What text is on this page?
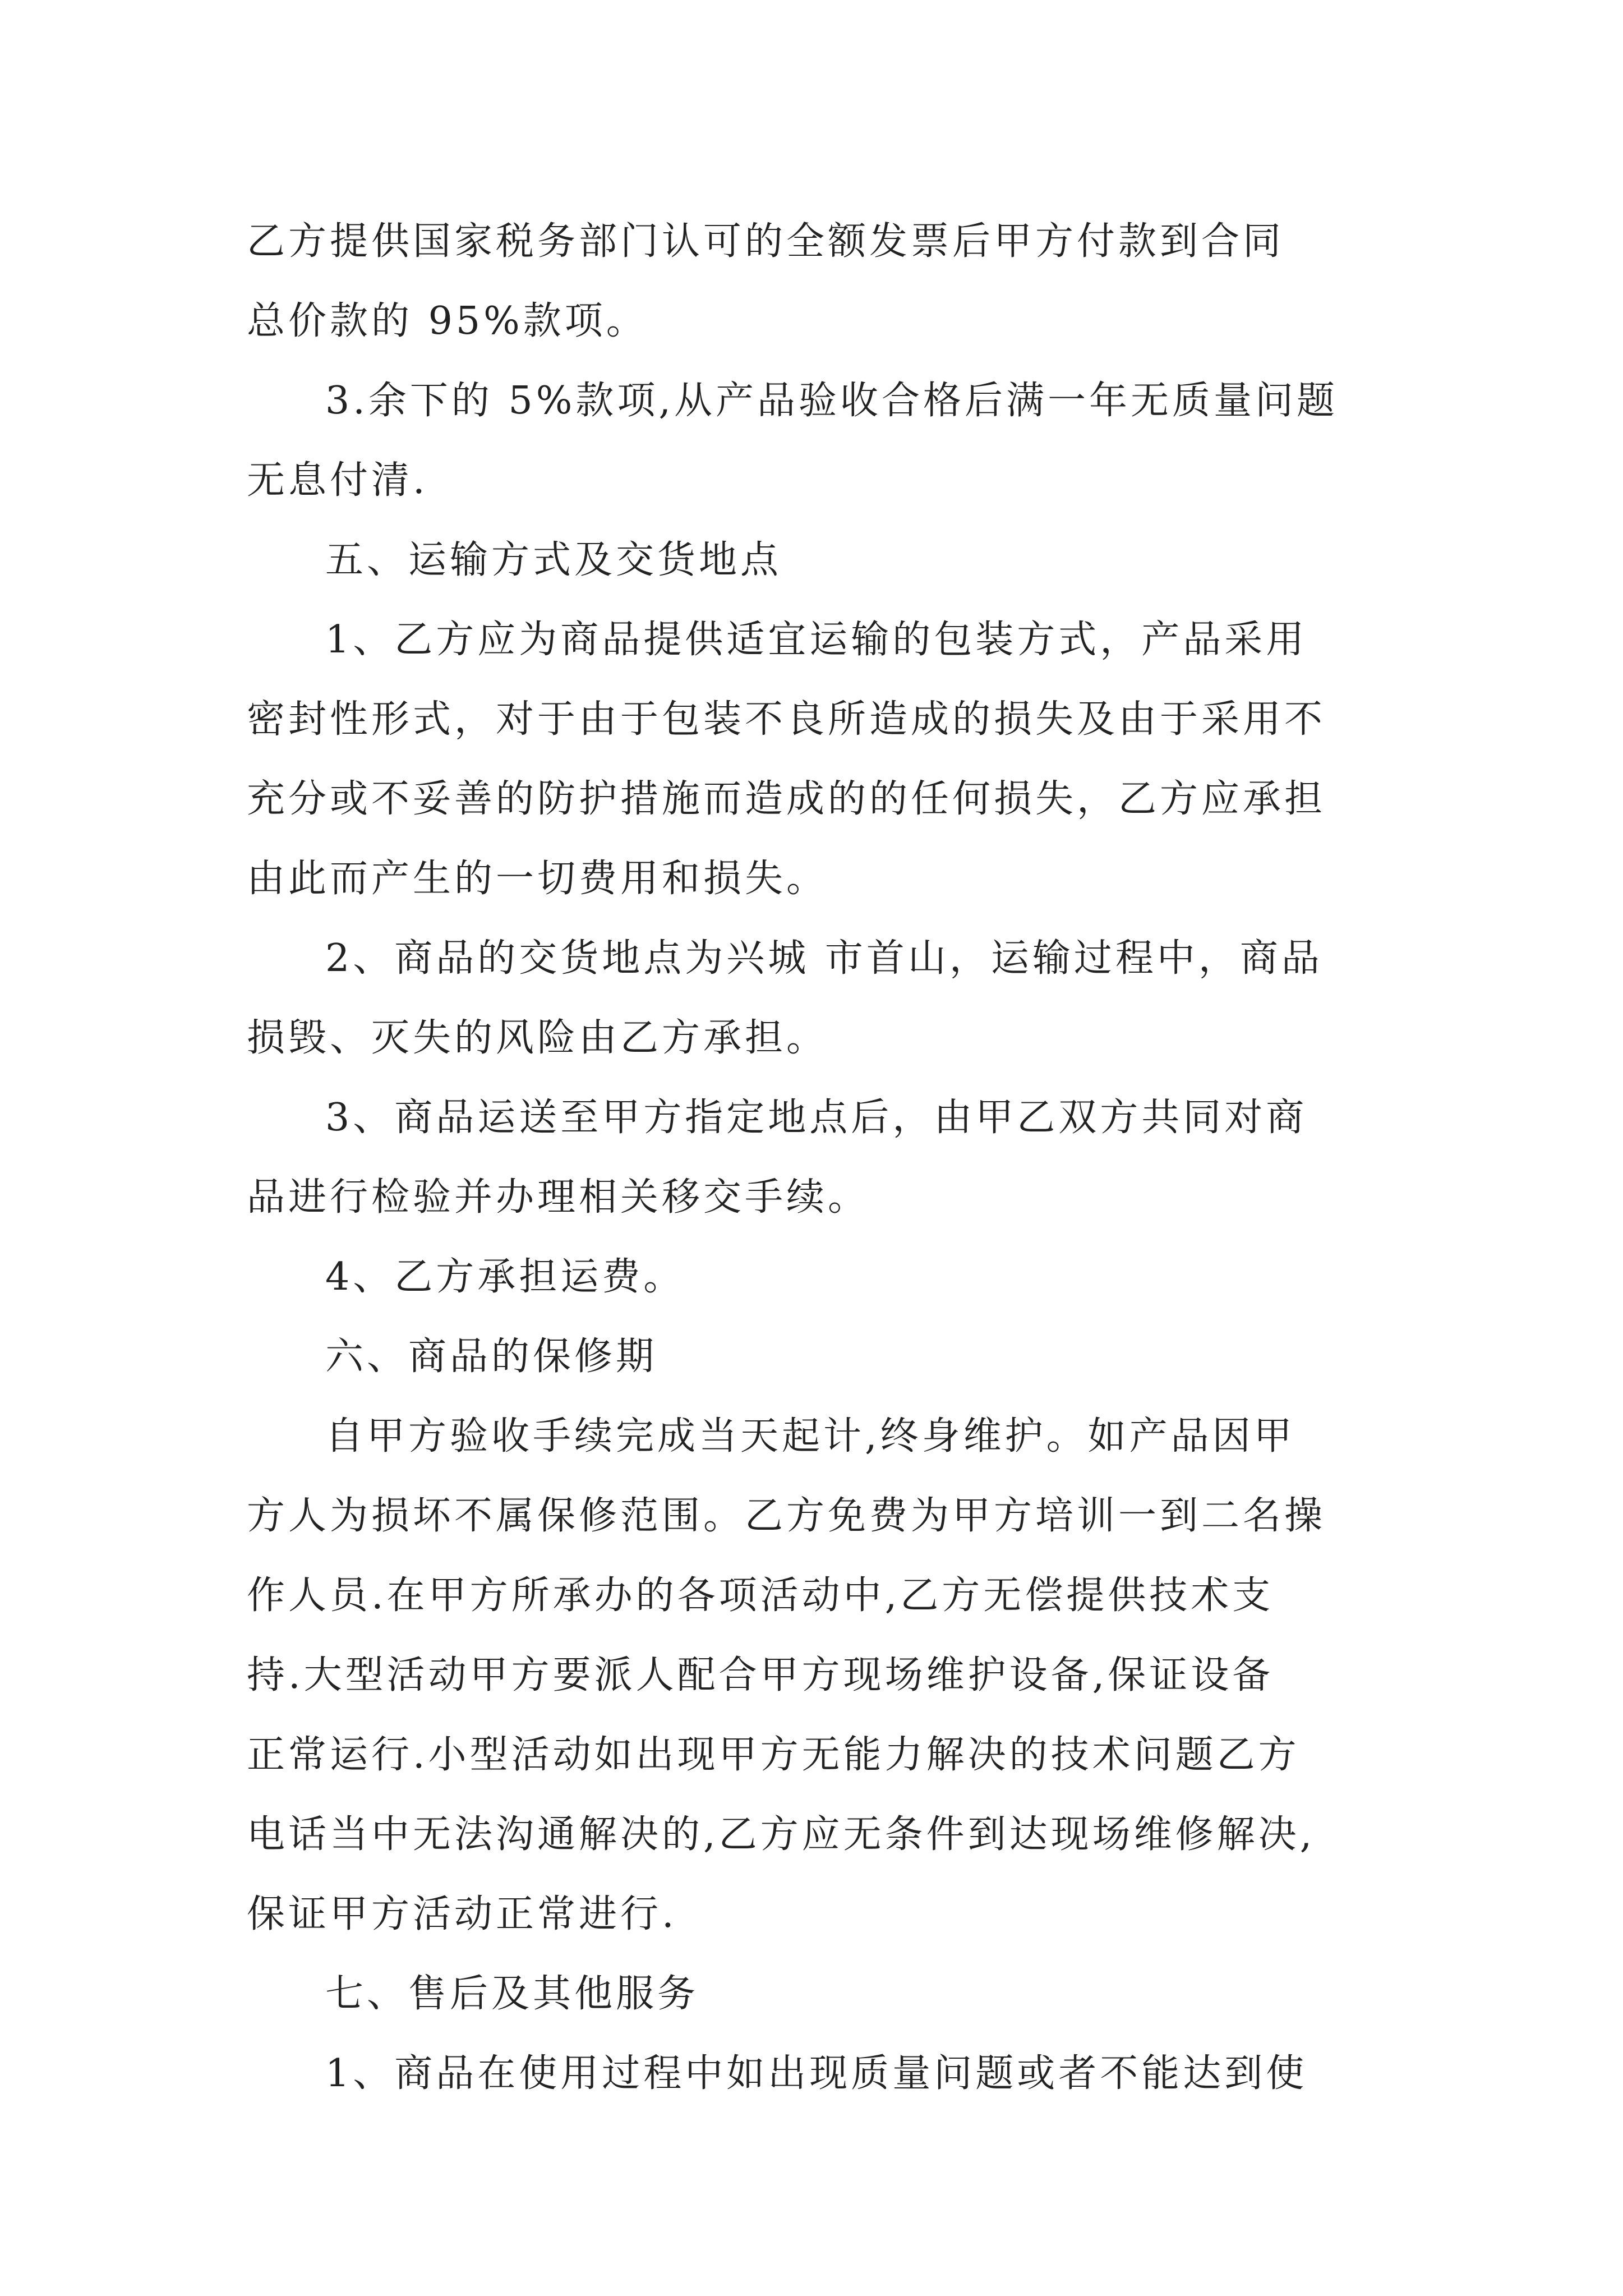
乙方提供国家税务部门认可的全额发票后甲方付款到合同
总价款的 95%款项。
3.余下的 5%款项,从产品验收合格后满一年无质量问题
无息付清.
五、运输方式及交货地点
1、乙方应为商品提供适宜运输的包装方式，产品采用
密封性形式，对于由于包装不良所造成的损失及由于采用不
充分或不妥善的防护措施而造成的的任何损失，乙方应承担
由此而产生的一切费用和损失。
2、商品的交货地点为兴城 市首山，运输过程中，商品
损毁、灭失的风险由乙方承担。
3、商品运送至甲方指定地点后，由甲乙双方共同对商
品进行检验并办理相关移交手续。
4、乙方承担运费。
六、商品的保修期
自甲方验收手续完成当天起计,终身维护。如产品因甲
方人为损坏不属保修范围。乙方免费为甲方培训一到二名操
作人员.在甲方所承办的各项活动中,乙方无偿提供技术支
持.大型活动甲方要派人配合甲方现场维护设备,保证设备
正常运行.小型活动如出现甲方无能力解决的技术问题乙方
电话当中无法沟通解决的,乙方应无条件到达现场维修解决,
保证甲方活动正常进行.
七、售后及其他服务
1、商品在使用过程中如出现质量问题或者不能达到使
